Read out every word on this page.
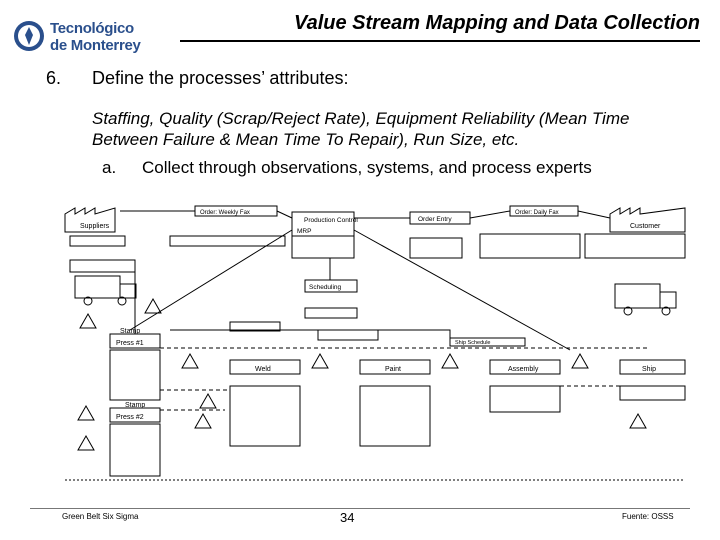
Tecnológico
de Monterrey
Value Stream Mapping and Data Collection
6. Define the processes’ attributes:
Staffing, Quality (Scrap/Reject Rate), Equipment Reliability (Mean Time Between Failure & Mean Time To Repair), Run Size, etc.
a. Collect through observations, systems, and process experts
Suppliers	Customer
Production Control
MRP
Order: Weekly Fax	Order: Daily Fax
Order Entry
Scheduling
Stamp
Press #1
Stamp
Press #2
Weld	Paint	Assembly	Ship
Ship Schedule
Green Belt Six Sigma	34	Fuente: OSSS
